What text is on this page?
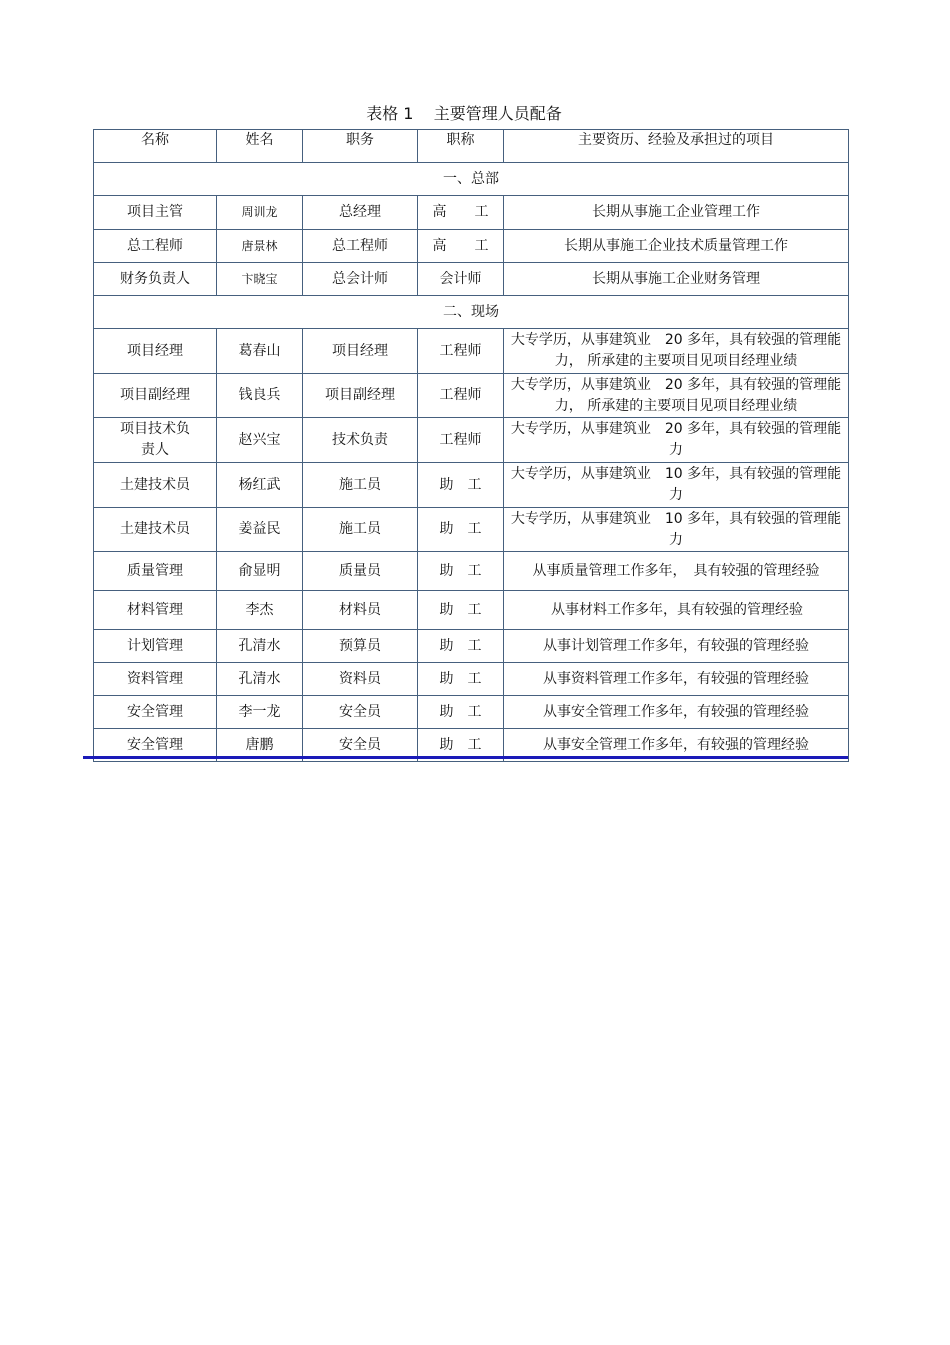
表格 1    主要管理人员配备
名称	姓名	职务	职称	主要资历、经验及承担过的项目
一、总部				
项目主管	周训龙	总经理	高　　工	长期从事施工企业管理工作
总工程师	唐景林	总工程师	高　　工	长期从事施工企业技术质量管理工作
财务负责人	卞晓宝	总会计师	会计师	长期从事施工企业财务管理
二、现场				
项目经理	葛春山	项目经理	工程师	大专学历，从事建筑业　20 多年，具有较强的管理能力， 所承建的主要项目见项目经理业绩
项目副经理	钱良兵	项目副经理	工程师	大专学历，从事建筑业　20 多年，具有较强的管理能力， 所承建的主要项目见项目经理业绩
项目技术负责人	赵兴宝	技术负责	工程师	大专学历，从事建筑业　20 多年，具有较强的管理能力
土建技术员	杨红武	施工员	助　工	大专学历，从事建筑业　10 多年，具有较强的管理能力
土建技术员	姜益民	施工员	助　工	大专学历，从事建筑业　10 多年，具有较强的管理能力
质量管理	俞显明	质量员	助　工	从事质量管理工作多年，　具有较强的管理经验
材料管理	李杰	材料员	助　工	从事材料工作多年，具有较强的管理经验
计划管理	孔清水	预算员	助　工	从事计划管理工作多年，有较强的管理经验
资料管理	孔清水	资料员	助　工	从事资料管理工作多年，有较强的管理经验
安全管理	李一龙	安全员	助　工	从事安全管理工作多年，有较强的管理经验
安全管理	唐鹏	安全员	助　工	从事安全管理工作多年，有较强的管理经验
